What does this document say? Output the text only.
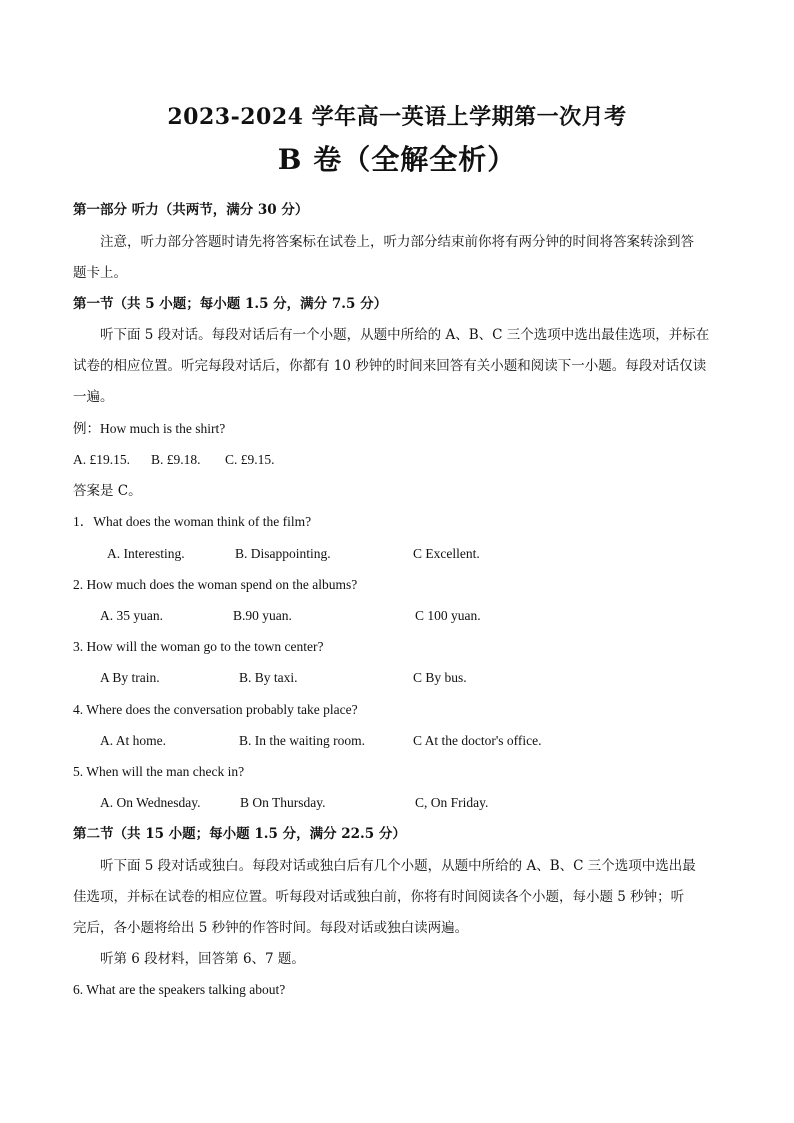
2023-2024 学年高一英语上学期第一次月考
B 卷（全解全析）
第一部分 听力（共两节，满分 30 分）
注意，听力部分答题时请先将答案标在试卷上，听力部分结束前你将有两分钟的时间将答案转涂到答
题卡上。
第一节（共 5 小题；每小题 1.5 分，满分 7.5 分）
听下面 5 段对话。每段对话后有一个小题，从题中所给的 A、B、C 三个选项中选出最佳选项，并标在
试卷的相应位置。听完每段对话后，你都有 10 秒钟的时间来回答有关小题和阅读下一小题。每段对话仅读
一遍。
例：How much is the shirt?
A. £19.15. B. £9.18. C. £9.15.
答案是 C。
1．What does the woman think of the film?
A. Interesting.	B. Disappointing.	C Excellent.
2. How much does the woman spend on the albums?
A. 35 yuan.	B.90 yuan.	C 100 yuan.
3. How will the woman go to the town center?
A By train.	B. By taxi.	C By bus.
4. Where does the conversation probably take place?
A. At home.	B. In the waiting room.	C At the doctor's office.
5. When will the man check in?
A. On Wednesday.	B On Thursday.	C, On Friday.
第二节（共 15 小题；每小题 1.5 分，满分 22.5 分）
听下面 5 段对话或独白。每段对话或独白后有几个小题，从题中所给的 A、B、C 三个选项中选出最
佳选项，并标在试卷的相应位置。听每段对话或独白前，你将有时间阅读各个小题，每小题 5 秒钟；听
完后，各小题将给出 5 秒钟的作答时间。每段对话或独白读两遍。
听第 6 段材料，回答第 6、7 题。
6. What are the speakers talking about?
